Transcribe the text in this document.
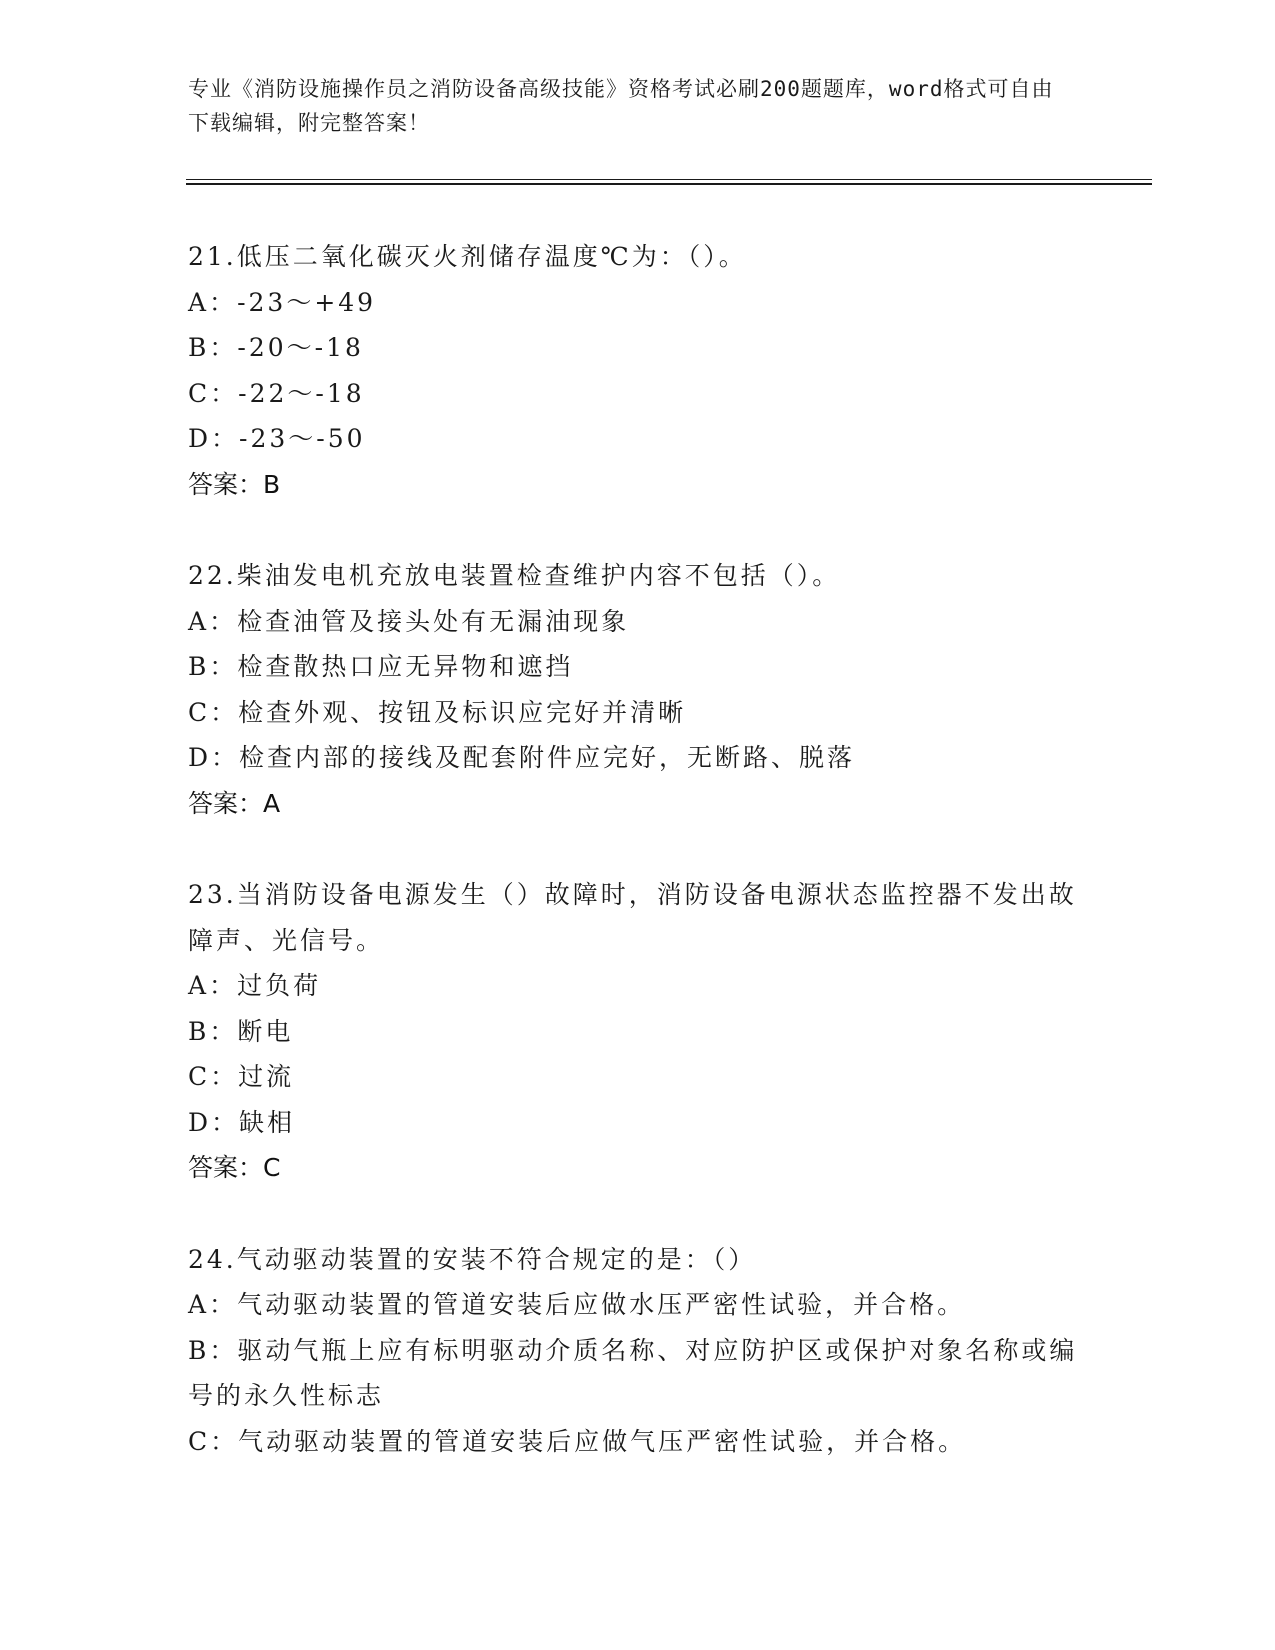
专业《消防设施操作员之消防设备高级技能》资格考试必刷200题题库，word格式可自由下载编辑，附完整答案！

21.低压二氧化碳灭火剂储存温度℃为：（）。

A：-23～+49

B：-20～-18

C：-22～-18

D：-23～-50

答案：B

22.柴油发电机充放电装置检查维护内容不包括（）。

A：检查油管及接头处有无漏油现象

B：检查散热口应无异物和遮挡

C：检查外观、按钮及标识应完好并清晰

D：检查内部的接线及配套附件应完好，无断路、脱落

答案：A

23.当消防设备电源发生（）故障时，消防设备电源状态监控器不发出故障声、光信号。

A：过负荷

B：断电

C：过流

D：缺相

答案：C

24.气动驱动装置的安装不符合规定的是：（）

A：气动驱动装置的管道安装后应做水压严密性试验，并合格。

B：驱动气瓶上应有标明驱动介质名称、对应防护区或保护对象名称或编号的永久性标志

C：气动驱动装置的管道安装后应做气压严密性试验，并合格。
